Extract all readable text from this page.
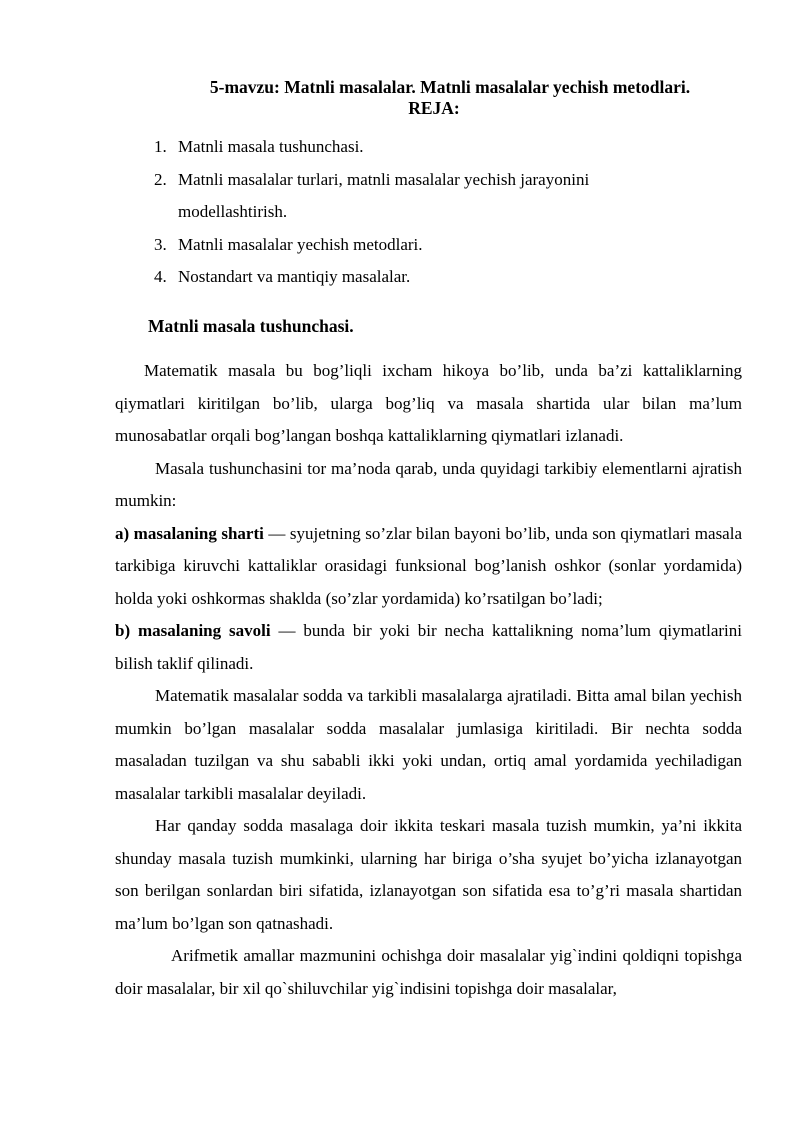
5-mavzu: Matnli masalalar. Matnli masalalar yechish metodlari.
REJA:
1. Matnli masala tushunchasi.
2. Matnli masalalar turlari, matnli masalalar yechish jarayonini modellashtirish.
3. Matnli masalalar yechish metodlari.
4. Nostandart va mantiqiy masalalar.
Matnli masala tushunchasi.

Matematik masala bu bog’liqli ixcham hikoya bo’lib, unda ba’zi kattaliklarning qiymatlari kiritilgan bo’lib, ularga bog’liq va masala shartida ular bilan ma’lum munosabatlar orqali bog’langan boshqa kattaliklarning qiymatlari izlanadi.

Masala tushunchasini tor ma’noda qarab, unda quyidagi tarkibiy elementlarni ajratish mumkin:

a) masalaning sharti — syujetning so’zlar bilan bayoni bo’lib, unda son qiymatlari masala tarkibiga kiruvchi kattaliklar orasidagi funksional bog’lanish oshkor (sonlar yordamida) holda yoki oshkormas shaklda (so’zlar yordamida) ko’rsatilgan bo’ladi;

b) masalaning savoli — bunda bir yoki bir necha kattalikning noma’lum qiymatlarini bilish taklif qilinadi.

Matematik masalalar sodda va tarkibli masalalarga ajratiladi. Bitta amal bilan yechish mumkin bo’lgan masalalar sodda masalalar jumlasiga kiritiladi. Bir nechta sodda masaladan tuzilgan va shu sababli ikki yoki undan, ortiq amal yordamida yechiladigan masalalar tarkibli masalalar deyiladi.

Har qanday sodda masalaga doir ikkita teskari masala tuzish mumkin, ya’ni ikkita shunday masala tuzish mumkinki, ularning har biriga o’sha syujet bo’yicha izlanayotgan son berilgan sonlardan biri sifatida, izlanayotgan son sifatida esa to’g’ri masala shartidan ma’lum bo’lgan son qatnashadi.

Arifmetik amallar mazmunini ochishga doir masalalar yig`indini qoldiqni topishga doir masalalar, bir xil qo`shiluvchilar yig`indisini topishga doir masalalar,
